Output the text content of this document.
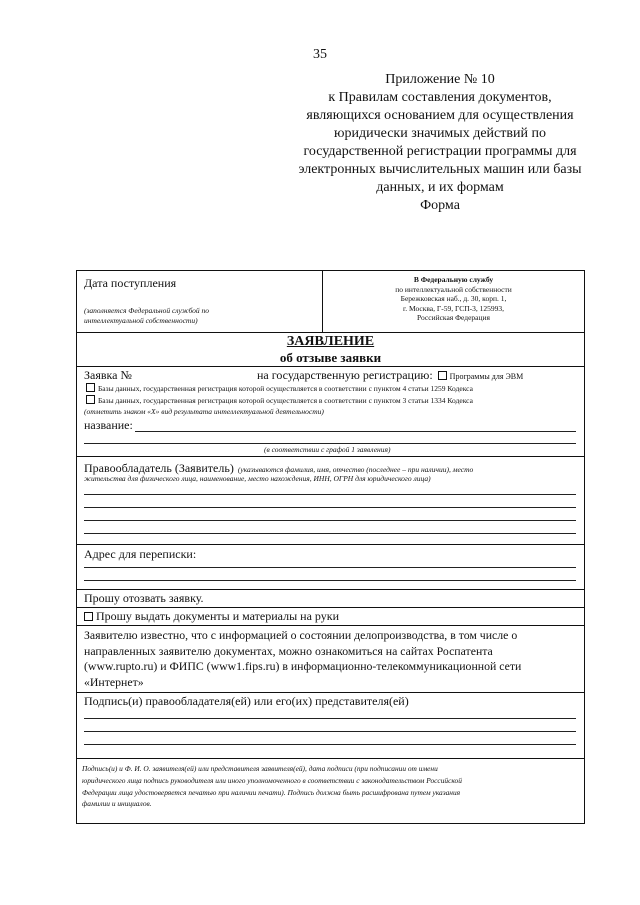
35
Приложение № 10
к Правилам составления документов,
являющихся основанием для осуществления
юридически значимых действий по
государственной регистрации программы для
электронных вычислительных машин или базы
данных, и их формам
Форма
Дата поступления
(заполняется Федеральной службой по
интеллектуальной собственности)
В Федеральную службу
по интеллектуальной собственности
Бережковская наб., д. 30, корп. 1,
г. Москва, Г-59, ГСП-3, 125993,
Российская Федерация
ЗАЯВЛЕНИЕ
об отзыве заявки
Заявка №	на государственную регистрацию: Программы для ЭВМ
Базы данных, государственная регистрация которой осуществляется в соответствии с пунктом 4 статьи 1259 Кодекса
Базы данных, государственная регистрация которой осуществляется в соответствии с пунктом 3 статьи 1334 Кодекса
(отметить знаком «Х» вид результата интеллектуальной деятельности)
название:
(в соответствии с графой 1 заявления)
Правообладатель (Заявитель) (указываются фамилия, имя, отчество (последнее – при наличии), место
жительства для физического лица, наименование, место нахождения, ИНН, ОГРН для юридического лица)
Адрес для переписки:
Прошу отозвать заявку.
Прошу выдать документы и материалы на руки
Заявителю известно, что с информацией о состоянии делопроизводства, в том числе о
направленных заявителю документах, можно ознакомиться на сайтах Роспатента
(www.rupto.ru) и ФИПС (www1.fips.ru) в информационно-телекоммуникационной сети
«Интернет»
Подпись(и) правообладателя(ей) или его(их) представителя(ей)
Подпись(и) и Ф. И. О. заявителя(ей) или представителя заявителя(ей), дата подписи (при подписании от имени
юридического лица подпись руководителя или иного уполномоченного в соответствии с законодательством Российской
Федерации лица удостоверяется печатью при наличии печати). Подпись должна быть расшифрована путем указания
фамилии и инициалов.
